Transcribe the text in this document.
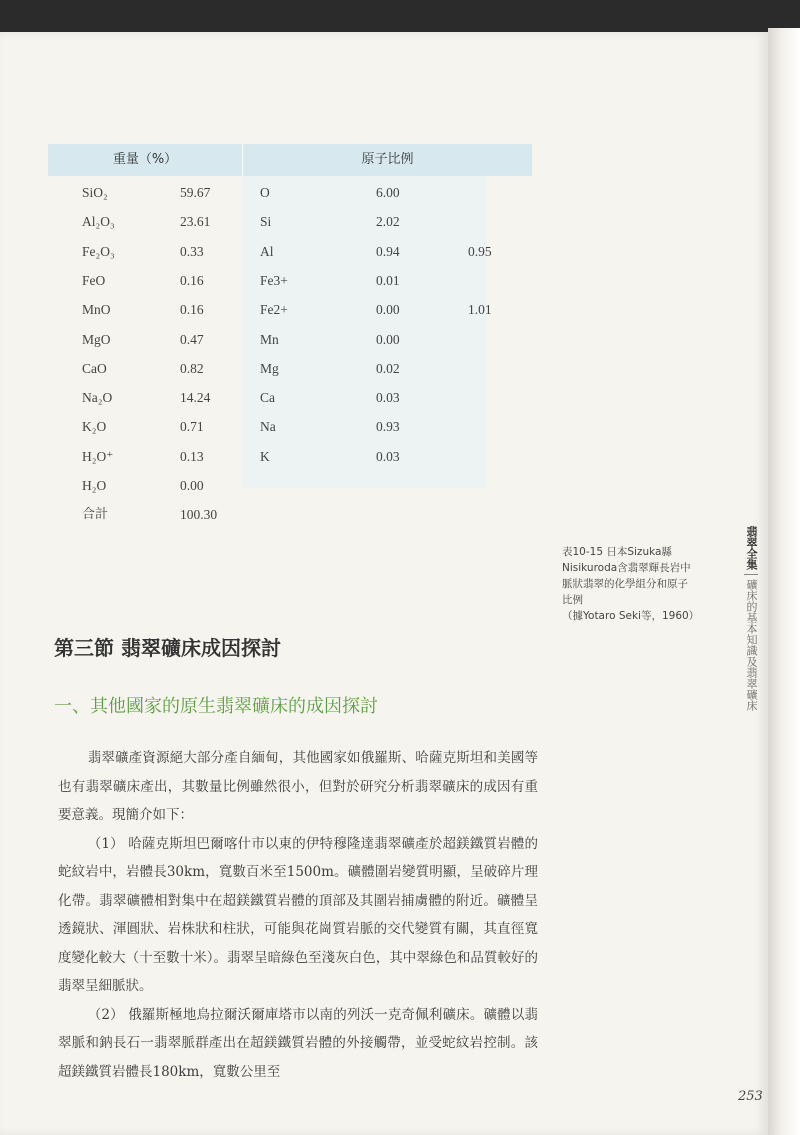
重量（%）	原子比例
SiO₂	59.67	O	6.00
Al₂O₃	23.61	Si	2.02
Fe₂O₃	0.33	Al	0.94	0.95
FeO	0.16	Fe3+	0.01
MnO	0.16	Fe2+	0.00	1.01
MgO	0.47	Mn	0.00
CaO	0.82	Mg	0.02
Na₂O	14.24	Ca	0.03
K₂O	0.71	Na	0.93
H₂O⁺	0.13	K	0.03
H₂O	0.00
合計	100.30
表10-15 日本Sizuka縣
Nisikuroda含翡翠輝長岩中
脈狀翡翠的化學組分和原子
比例
（據Yotaro Seki等，1960）
第三節 翡翠礦床成因探討
一、其他國家的原生翡翠礦床的成因探討

翡翠礦產資源絕大部分產自緬甸，其他國家如俄羅斯、哈薩克斯坦和美國等也有翡翠礦床產出，其數量比例雖然很小，但對於研究分析翡翠礦床的成因有重要意義。現簡介如下：

（1） 哈薩克斯坦巴爾喀什市以東的伊特穆隆達翡翠礦產於超鎂鐵質岩體的蛇紋岩中，岩體長30km，寬數百米至1500m。礦體圍岩變質明顯，呈破碎片理化帶。翡翠礦體相對集中在超鎂鐵質岩體的頂部及其圍岩捕虜體的附近。礦體呈透鏡狀、渾圓狀、岩株狀和柱狀，可能與花崗質岩脈的交代變質有關，其直徑寬度變化較大（十至數十米）。翡翠呈暗綠色至淺灰白色，其中翠綠色和品質較好的翡翠呈細脈狀。

（2） 俄羅斯極地烏拉爾沃爾庫塔市以南的列沃一克奇佩利礦床。礦體以翡翠脈和鈉長石一翡翠脈群產出在超鎂鐵質岩體的外接觸帶，並受蛇紋岩控制。該超鎂鐵質岩體長180km，寬數公里至

253
翡翠全集
礦床的基本知識及翡翠礦床
